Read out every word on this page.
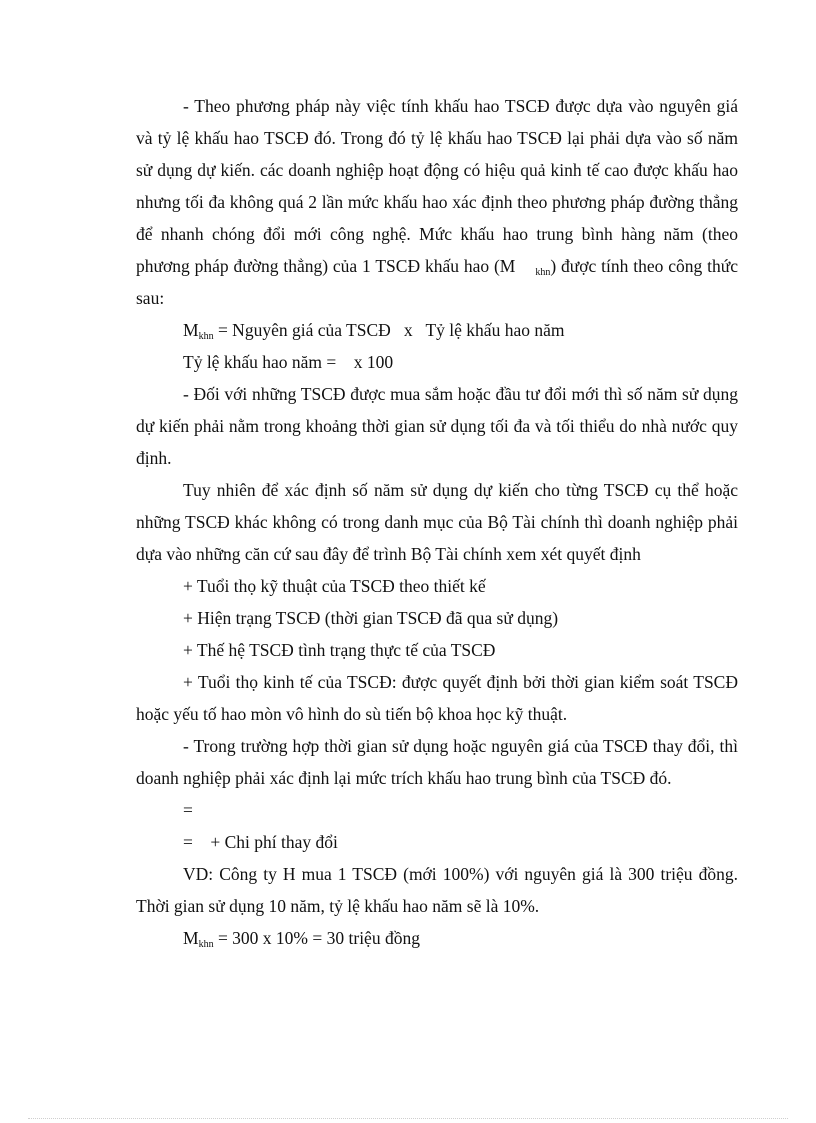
- Theo phương pháp này việc tính khấu hao TSCĐ được dựa vào nguyên giá và tỷ lệ khấu hao TSCĐ đó. Trong đó tỷ lệ khấu hao TSCĐ lại phải dựa vào số năm sử dụng dự kiến. các doanh nghiệp hoạt động có hiệu quả kinh tế cao được khấu hao nhưng tối đa không quá 2 lần mức khấu hao xác định theo phương pháp đường thẳng để nhanh chóng đổi mới công nghệ. Mức khấu hao trung bình hàng năm (theo phương pháp đường thẳng) của 1 TSCĐ khấu hao (M $_{khn}$) được tính theo công thức sau:

$M_{khn}$ = Nguyên giá của TSCĐ   x   Tỷ lệ khấu hao năm

Tỷ lệ khấu hao năm =    x 100

- Đối với những TSCĐ được mua sắm hoặc đầu tư đổi mới thì số năm sử dụng dự kiến phải nằm trong khoảng thời gian sử dụng tối đa và tối thiểu do nhà nước quy định.

Tuy nhiên để xác định số năm sử dụng dự kiến cho từng TSCĐ cụ thể hoặc những TSCĐ khác không có trong danh mục của Bộ Tài chính thì doanh nghiệp phải dựa vào những căn cứ sau đây để trình Bộ Tài chính xem xét quyết định

+ Tuổi thọ kỹ thuật của TSCĐ theo thiết kế

+ Hiện trạng TSCĐ (thời gian TSCĐ đã qua sử dụng)

+ Thế hệ TSCĐ tình trạng thực tế của TSCĐ

+ Tuổi thọ kinh tế của TSCĐ: được quyết định bởi thời gian kiểm soát TSCĐ hoặc yếu tố hao mòn vô hình do sù tiến bộ khoa học kỹ thuật.

- Trong trường hợp thời gian sử dụng hoặc nguyên giá của TSCĐ thay đổi, thì doanh nghiệp phải xác định lại mức trích khấu hao trung bình của TSCĐ đó.

=

=    + Chi phí thay đổi

VD: Công ty H mua 1 TSCĐ (mới 100%) với nguyên giá là 300 triệu đồng. Thời gian sử dụng 10 năm, tỷ lệ khấu hao năm sẽ là 10%.

$M_{khn} = 300$ x 10% = 30 triệu đồng
